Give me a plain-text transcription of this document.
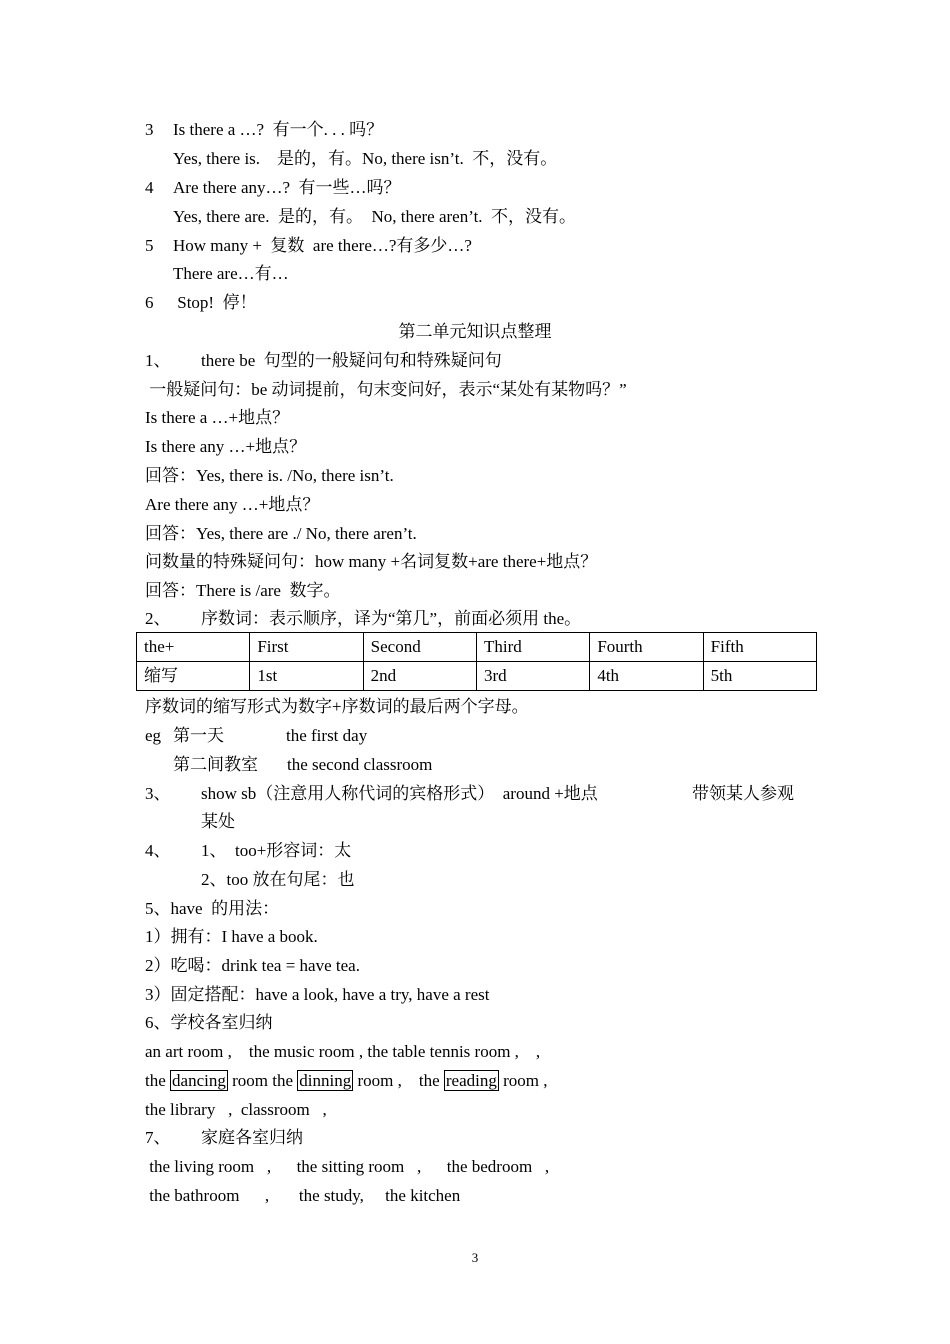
3 Is there a …?  有一个. . . 吗？
Yes, there is.    是的，有。No, there isn’t.  不，没有。
4 Are there any…?  有一些…吗？
Yes, there are.  是的，有。  No, there aren’t.  不，没有。
5 How many +  复数  are there…?有多少…?
There are…有…
6 Stop!  停！
第二单元知识点整理
1、 there be  句型的一般疑问句和特殊疑问句
一般疑问句：be 动词提前，句末变问好，表示“某处有某物吗？”
Is there a …+地点？
Is there any …+地点？
回答：Yes, there is. /No, there isn’t.
Are there any …+地点？
回答：Yes, there are ./ No, there aren’t.
问数量的特殊疑问句：how many +名词复数+are there+地点？
回答：There is /are  数字。
2、 序数词：表示顺序，译为“第几”，前面必须用 the。
the+	First	Second	Third	Fourth	Fifth
缩写	1st	2nd	3rd	4th	5th
序数词的缩写形式为数字+序数词的最后两个字母。
eg 第一天	the first day
第二间教室 the second classroom
3、 show sb（注意用人称代词的宾格形式）  around +地点	带领某人参观
某处
4、 1、  too+形容词：太
2、too 放在句尾：也
5、have  的用法：
1）拥有：I have a book.
2）吃喝：drink tea = have tea.
3）固定搭配：have a look, have a try, have a rest
6、学校各室归纳
an art room ,    the music room , the table tennis room ,    ,
the dancing room the dinning room ,    the reading room ,
the library   ,  classroom   ,
7、 家庭各室归纳
the living room   ,      the sitting room   ,      the bedroom   ,
the bathroom      ,       the study,     the kitchen
3
